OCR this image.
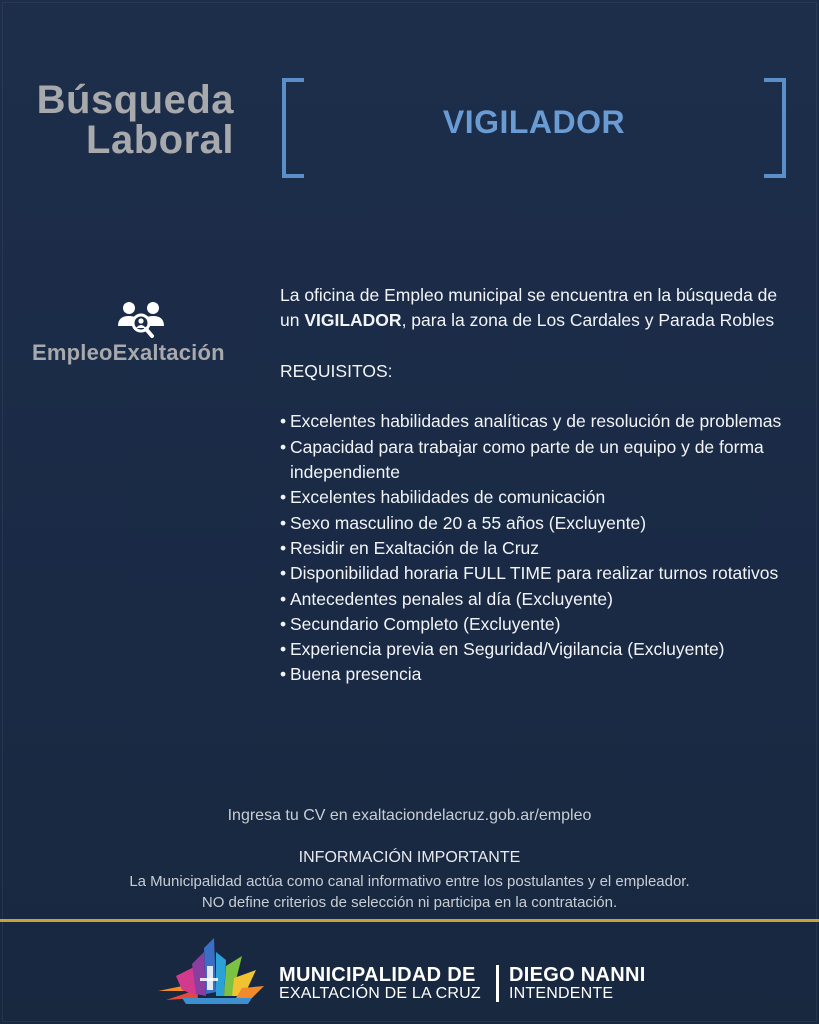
Búsqueda
Laboral	VIGILADOR
EmpleoExaltación

La oficina de Empleo municipal se encuentra en la búsqueda de un VIGILADOR, para la zona de Los Cardales y Parada Robles

REQUISITOS:

• Excelentes habilidades analíticas y de resolución de problemas
• Capacidad para trabajar como parte de un equipo y de forma independiente
• Excelentes habilidades de comunicación
• Sexo masculino de 20 a 55 años (Excluyente)
• Residir en Exaltación de la Cruz
• Disponibilidad horaria FULL TIME para realizar turnos rotativos
• Antecedentes penales al día (Excluyente)
• Secundario Completo (Excluyente)
• Experiencia previa en Seguridad/Vigilancia (Excluyente)
• Buena presencia
Ingresa tu CV en exaltaciondelacruz.gob.ar/empleo
INFORMACIÓN IMPORTANTE
La Municipalidad actúa como canal informativo entre los postulantes y el empleador.
NO define criterios de selección ni participa en la contratación.
MUNICIPALIDAD DE
EXALTACIÓN DE LA CRUZ
DIEGO NANNI
INTENDENTE
